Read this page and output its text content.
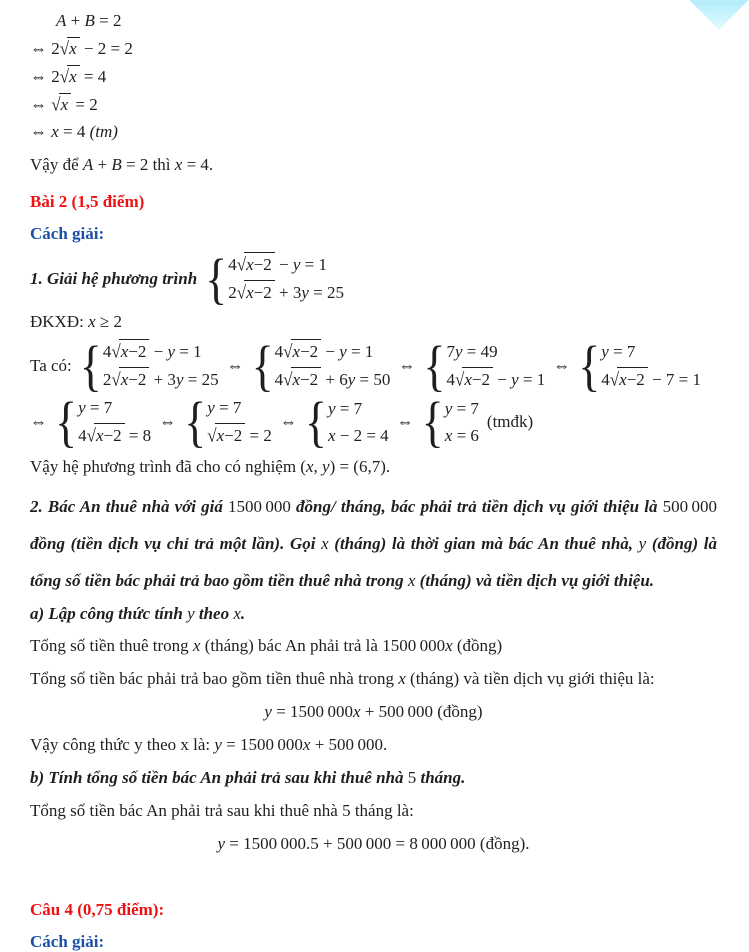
A + B = 2
⇔ 2√x − 2 = 2
⇔ 2√x = 4
⇔ √x = 2
⇔ x = 4 (tm)

Vậy để A + B = 2 thì x = 4.

Bài 2 (1,5 điểm)
Cách giải:
1. Giải hệ phương trình { 4√x−2 − y = 1
2√x−2 + 3y = 25

ĐKXĐ: x ≥ 2

Ta có: { 4√x−2 − y = 1
2√x−2 + 3y = 25
⇔ { 4√x−2 − y = 1
4√x−2 + 6y = 50
⇔ { 7y = 49
4√x−2 − y = 1
⇔ { y = 7
4√x−2 − 7 = 1
⇔ { y = 7
4√x−2 = 8
⇔ { y = 7
√x−2 = 2
⇔ { y = 7
x − 2 = 4
⇔ { y = 7
x = 6
(tmđk)

Vậy hệ phương trình đã cho có nghiệm (x, y) = (6,7).

2. Bác An thuê nhà với giá 1500 000 đồng/ tháng, bác phải trả tiền dịch vụ giới thiệu là 500 000 đồng (tiền dịch vụ chỉ trả một lần). Gọi x (tháng) là thời gian mà bác An thuê nhà, y (đồng) là tổng số tiền bác phải trả bao gồm tiền thuê nhà trong x (tháng) và tiền dịch vụ giới thiệu.

a) Lập công thức tính y theo x.

Tổng số tiền thuê trong x (tháng) bác An phải trả là 1500 000x (đồng)

Tổng số tiền bác phải trả bao gồm tiền thuê nhà trong x (tháng) và tiền dịch vụ giới thiệu là:

y = 1500 000x + 500 000 (đồng)

Vậy công thức y theo x là: y = 1500 000x + 500 000.

b) Tính tổng số tiền bác An phải trả sau khi thuê nhà 5 tháng.

Tổng số tiền bác An phải trả sau khi thuê nhà 5 tháng là:

y = 1500 000.5 + 500 000 = 8 000 000 (đồng).

Câu 4 (0,75 điểm):
Cách giải:
